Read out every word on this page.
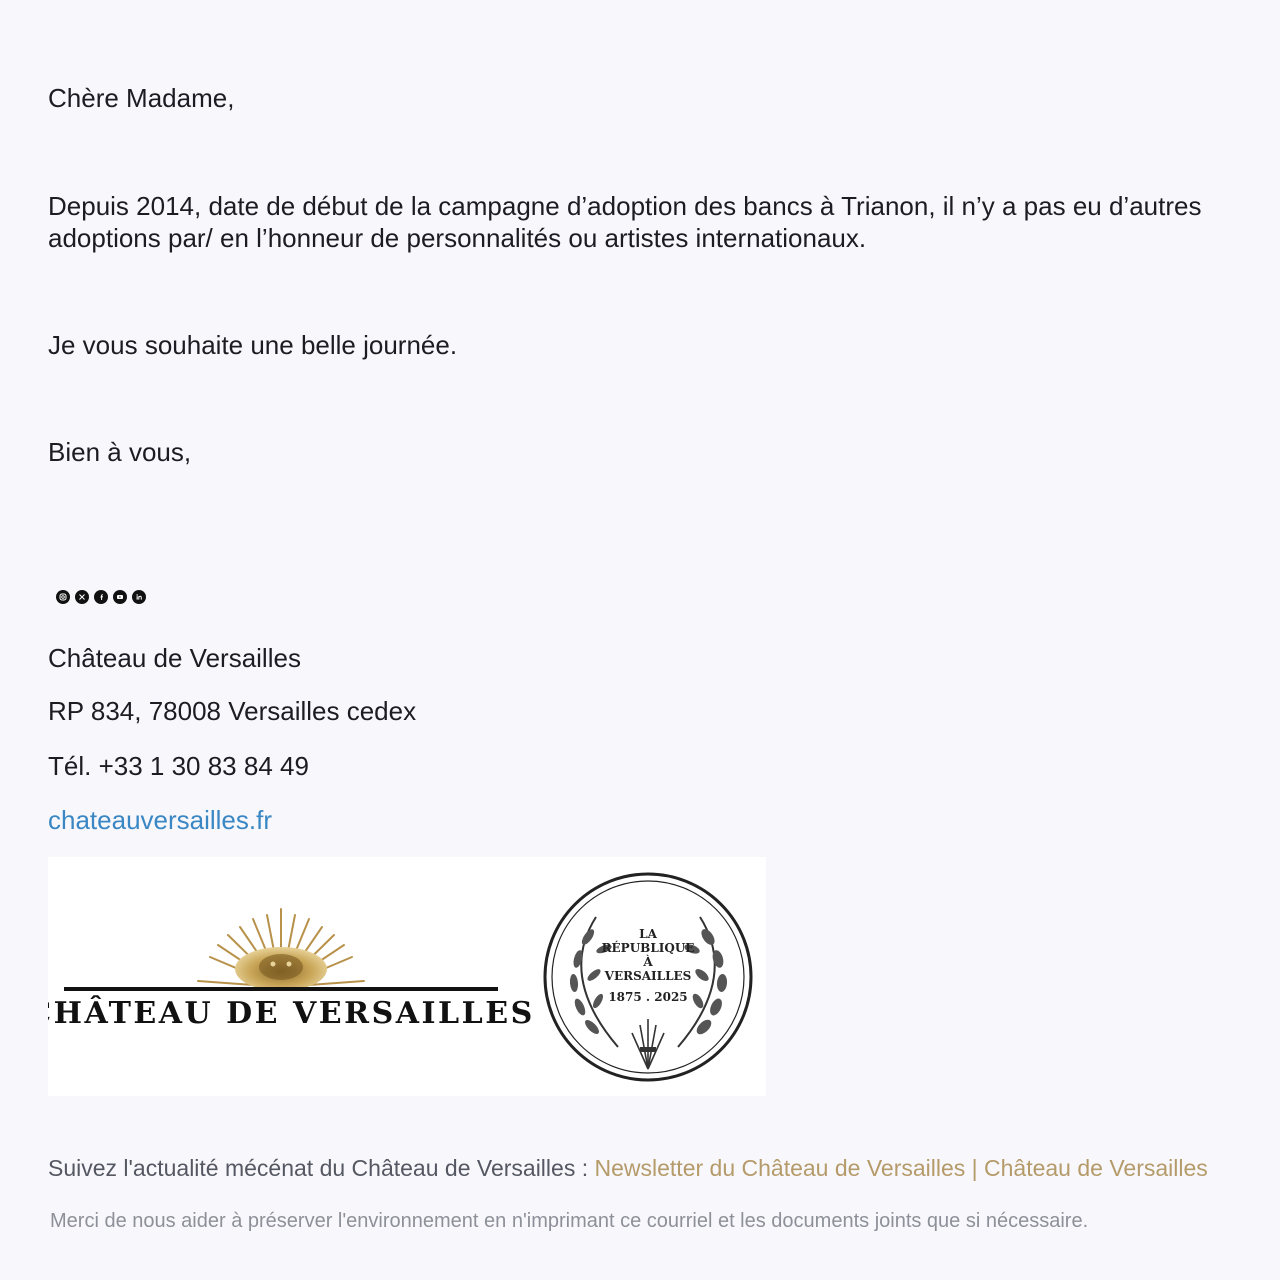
Chère Madame,

Depuis 2014, date de début de la campagne d’adoption des bancs à Trianon, il n’y a pas eu d’autres adoptions par/ en l’honneur de personnalités ou artistes internationaux.

Je vous souhaite une belle journée.

Bien à vous,

Château de Versailles

RP 834, 78008 Versailles cedex

Tél. +33 1 30 83 84 49

chateauversailles.fr
CHÂTEAU DE VERSAILLES
LA
RÉPUBLIQUE
À
VERSAILLES
1875 . 2025

Suivez l'actualité mécénat du Château de Versailles : Newsletter du Château de Versailles | Château de Versailles

Merci de nous aider à préserver l'environnement en n'imprimant ce courriel et les documents joints que si nécessaire.
